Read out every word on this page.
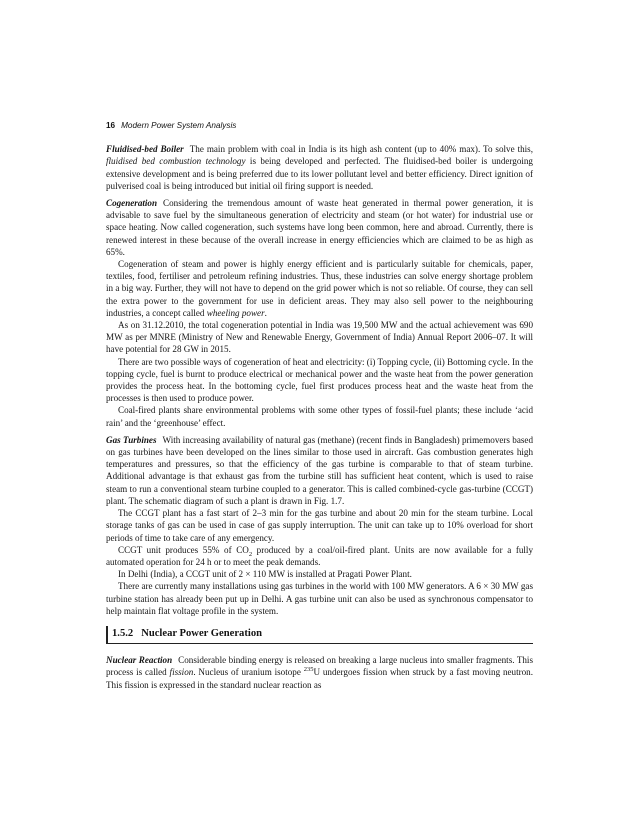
16 Modern Power System Analysis

Fluidised-bed Boiler The main problem with coal in India is its high ash content (up to 40% max). To solve this, fluidised bed combustion technology is being developed and perfected. The fluidised-bed boiler is undergoing extensive development and is being preferred due to its lower pollutant level and better efficiency. Direct ignition of pulverised coal is being introduced but initial oil firing support is needed.

Cogeneration Considering the tremendous amount of waste heat generated in thermal power generation, it is advisable to save fuel by the simultaneous generation of electricity and steam (or hot water) for industrial use or space heating. Now called cogeneration, such systems have long been common, here and abroad. Currently, there is renewed interest in these because of the overall increase in energy efficiencies which are claimed to be as high as 65%.

Cogeneration of steam and power is highly energy efficient and is particularly suitable for chemicals, paper, textiles, food, fertiliser and petroleum refining industries. Thus, these industries can solve energy shortage problem in a big way. Further, they will not have to depend on the grid power which is not so reliable. Of course, they can sell the extra power to the government for use in deficient areas. They may also sell power to the neighbouring industries, a concept called wheeling power.

As on 31.12.2010, the total cogeneration potential in India was 19,500 MW and the actual achievement was 690 MW as per MNRE (Ministry of New and Renewable Energy, Government of India) Annual Report 2006–07. It will have potential for 28 GW in 2015.

There are two possible ways of cogeneration of heat and electricity: (i) Topping cycle, (ii) Bottoming cycle. In the topping cycle, fuel is burnt to produce electrical or mechanical power and the waste heat from the power generation provides the process heat. In the bottoming cycle, fuel first produces process heat and the waste heat from the processes is then used to produce power.

Coal-fired plants share environmental problems with some other types of fossil-fuel plants; these include ‘acid rain’ and the ‘greenhouse’ effect.

Gas Turbines With increasing availability of natural gas (methane) (recent finds in Bangladesh) primemovers based on gas turbines have been developed on the lines similar to those used in aircraft. Gas combustion generates high temperatures and pressures, so that the efficiency of the gas turbine is comparable to that of steam turbine. Additional advantage is that exhaust gas from the turbine still has sufficient heat content, which is used to raise steam to run a conventional steam turbine coupled to a generator. This is called combined-cycle gas-turbine (CCGT) plant. The schematic diagram of such a plant is drawn in Fig. 1.7.

The CCGT plant has a fast start of 2–3 min for the gas turbine and about 20 min for the steam turbine. Local storage tanks of gas can be used in case of gas supply interruption. The unit can take up to 10% overload for short periods of time to take care of any emergency.

CCGT unit produces 55% of $CO_2$ produced by a coal/oil-fired plant. Units are now available for a fully automated operation for 24 h or to meet the peak demands.

In Delhi (India), a CCGT unit of 2 × 110 MW is installed at Pragati Power Plant.

There are currently many installations using gas turbines in the world with 100 MW generators. A 6 × 30 MW gas turbine station has already been put up in Delhi. A gas turbine unit can also be used as synchronous compensator to help maintain flat voltage profile in the system.

1.5.2 Nuclear Power Generation

Nuclear Reaction Considerable binding energy is released on breaking a large nucleus into smaller fragments. This process is called fission. Nucleus of uranium isotope $^{235}$U undergoes fission when struck by a fast moving neutron. This fission is expressed in the standard nuclear reaction as
